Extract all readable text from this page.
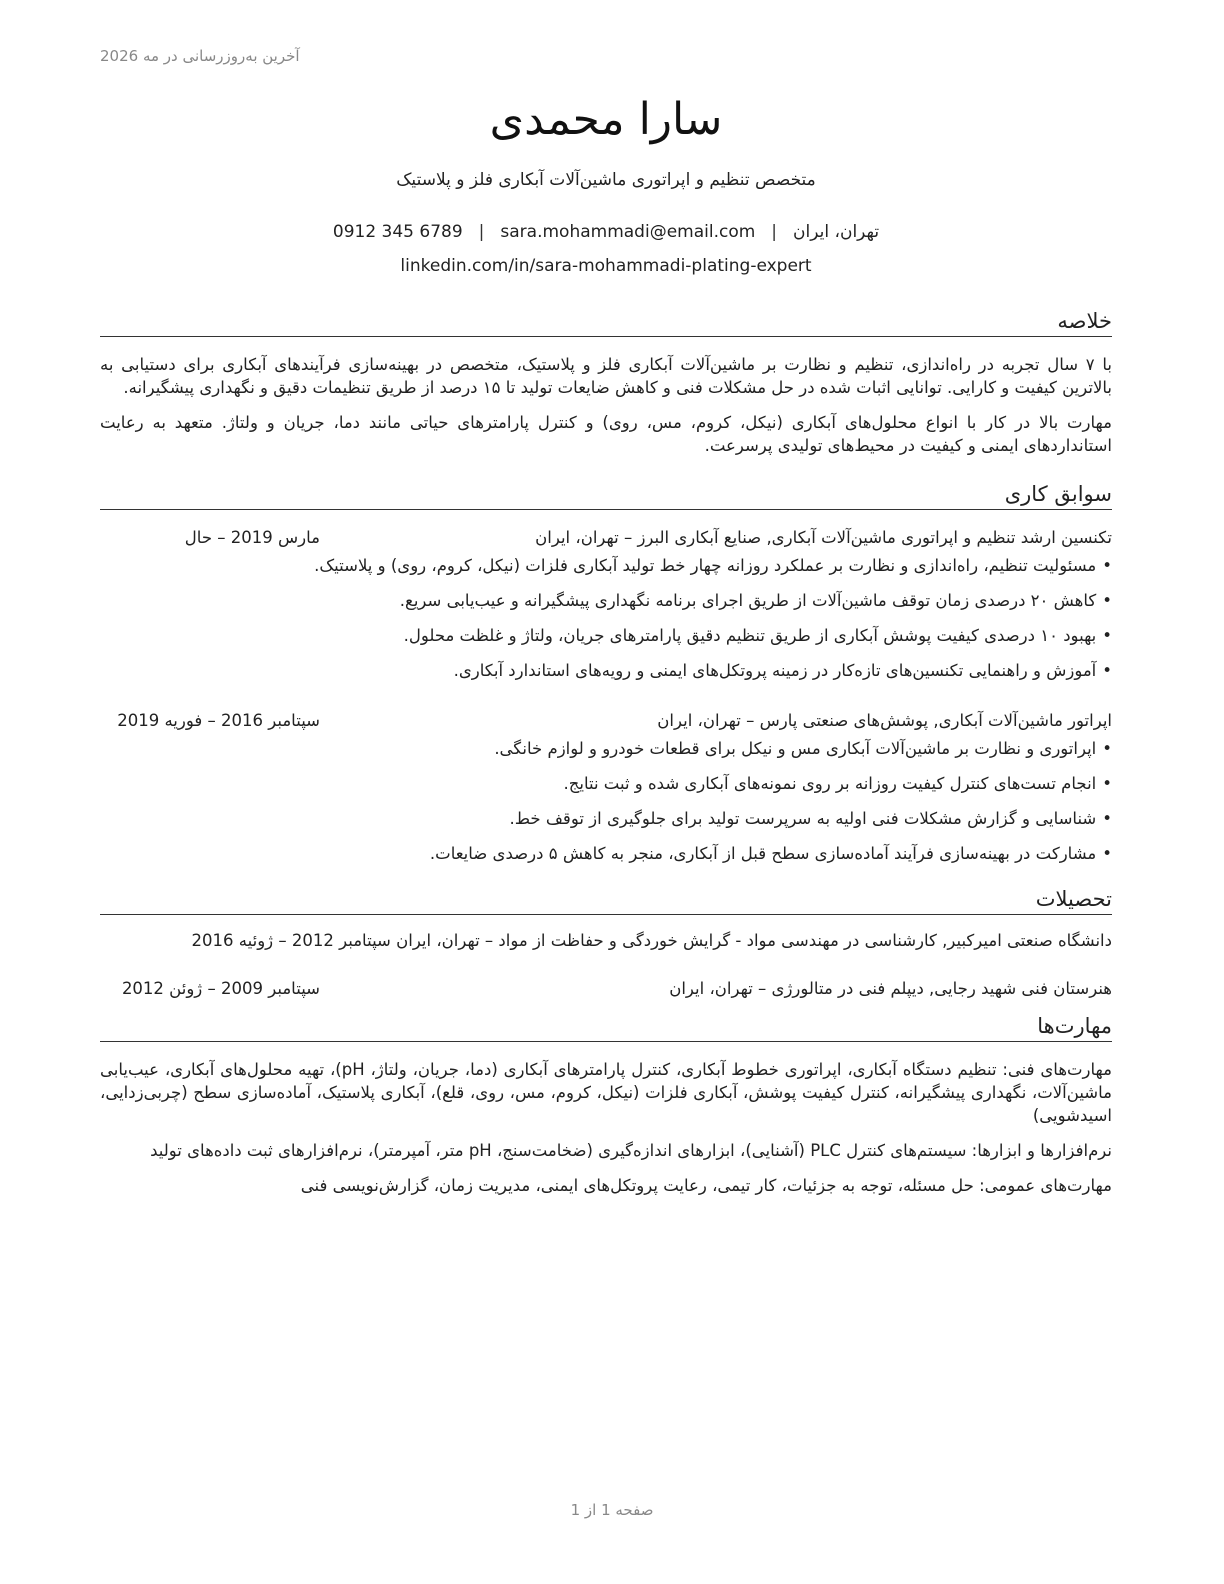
آخرین به‌روزرسانی در مه 2026
سارا محمدی
متخصص تنظیم و اپراتوری ماشین‌آلات آبکاری فلز و پلاستیک
تهران، ایران|sara.mohammadi@email.com|0912 345 6789
linkedin.com/in/sara-mohammadi-plating-expert
خلاصه

با ۷ سال تجربه در راه‌اندازی، تنظیم و نظارت بر ماشین‌آلات آبکاری فلز و پلاستیک، متخصص در بهینه‌سازی فرآیندهای آبکاری برای دستیابی به بالاترین کیفیت و کارایی. توانایی اثبات شده در حل مشکلات فنی و کاهش ضایعات تولید تا ۱۵ درصد از طریق تنظیمات دقیق و نگهداری پیشگیرانه.

مهارت بالا در کار با انواع محلول‌های آبکاری (نیکل، کروم، مس، روی) و کنترل پارامترهای حیاتی مانند دما، جریان و ولتاژ. متعهد به رعایت استانداردهای ایمنی و کیفیت در محیط‌های تولیدی پرسرعت.

سوابق کاری
تکنسین ارشد تنظیم و اپراتوری ماشین‌آلات آبکاری, صنایع آبکاری البرز – تهران، ایران
مارس 2019 – حال
•مسئولیت تنظیم، راه‌اندازی و نظارت بر عملکرد روزانه چهار خط تولید آبکاری فلزات (نیکل، کروم، روی) و پلاستیک.
•کاهش ۲۰ درصدی زمان توقف ماشین‌آلات از طریق اجرای برنامه نگهداری پیشگیرانه و عیب‌یابی سریع.
•بهبود ۱۰ درصدی کیفیت پوشش آبکاری از طریق تنظیم دقیق پارامترهای جریان، ولتاژ و غلظت محلول.
•آموزش و راهنمایی تکنسین‌های تازه‌کار در زمینه پروتکل‌های ایمنی و رویه‌های استاندارد آبکاری.
اپراتور ماشین‌آلات آبکاری, پوشش‌های صنعتی پارس – تهران، ایران
سپتامبر 2016 – فوریه 2019
•اپراتوری و نظارت بر ماشین‌آلات آبکاری مس و نیکل برای قطعات خودرو و لوازم خانگی.
•انجام تست‌های کنترل کیفیت روزانه بر روی نمونه‌های آبکاری شده و ثبت نتایج.
•شناسایی و گزارش مشکلات فنی اولیه به سرپرست تولید برای جلوگیری از توقف خط.
•مشارکت در بهینه‌سازی فرآیند آماده‌سازی سطح قبل از آبکاری، منجر به کاهش ۵ درصدی ضایعات.
تحصیلات
دانشگاه صنعتی امیرکبیر, کارشناسی در مهندسی مواد - گرایش خوردگی و حفاظت از مواد – تهران، ایران سپتامبر 2012 – ژوئیه 2016
هنرستان فنی شهید رجایی, دیپلم فنی در متالورژی – تهران، ایران
سپتامبر 2009 – ژوئن 2012
مهارت‌ها

مهارت‌های فنی: تنظیم دستگاه آبکاری، اپراتوری خطوط آبکاری، کنترل پارامترهای آبکاری (دما، جریان، ولتاژ، pH)، تهیه محلول‌های آبکاری، عیب‌یابی ماشین‌آلات، نگهداری پیشگیرانه، کنترل کیفیت پوشش، آبکاری فلزات (نیکل، کروم، مس، روی، قلع)، آبکاری پلاستیک، آماده‌سازی سطح (چربی‌زدایی، اسیدشویی)

نرم‌افزارها و ابزارها: سیستم‌های کنترل PLC (آشنایی)، ابزارهای اندازه‌گیری (ضخامت‌سنج، pH متر، آمپرمتر)، نرم‌افزارهای ثبت داده‌های تولید

مهارت‌های عمومی: حل مسئله، توجه به جزئیات، کار تیمی، رعایت پروتکل‌های ایمنی، مدیریت زمان، گزارش‌نویسی فنی

صفحه 1 از 1
